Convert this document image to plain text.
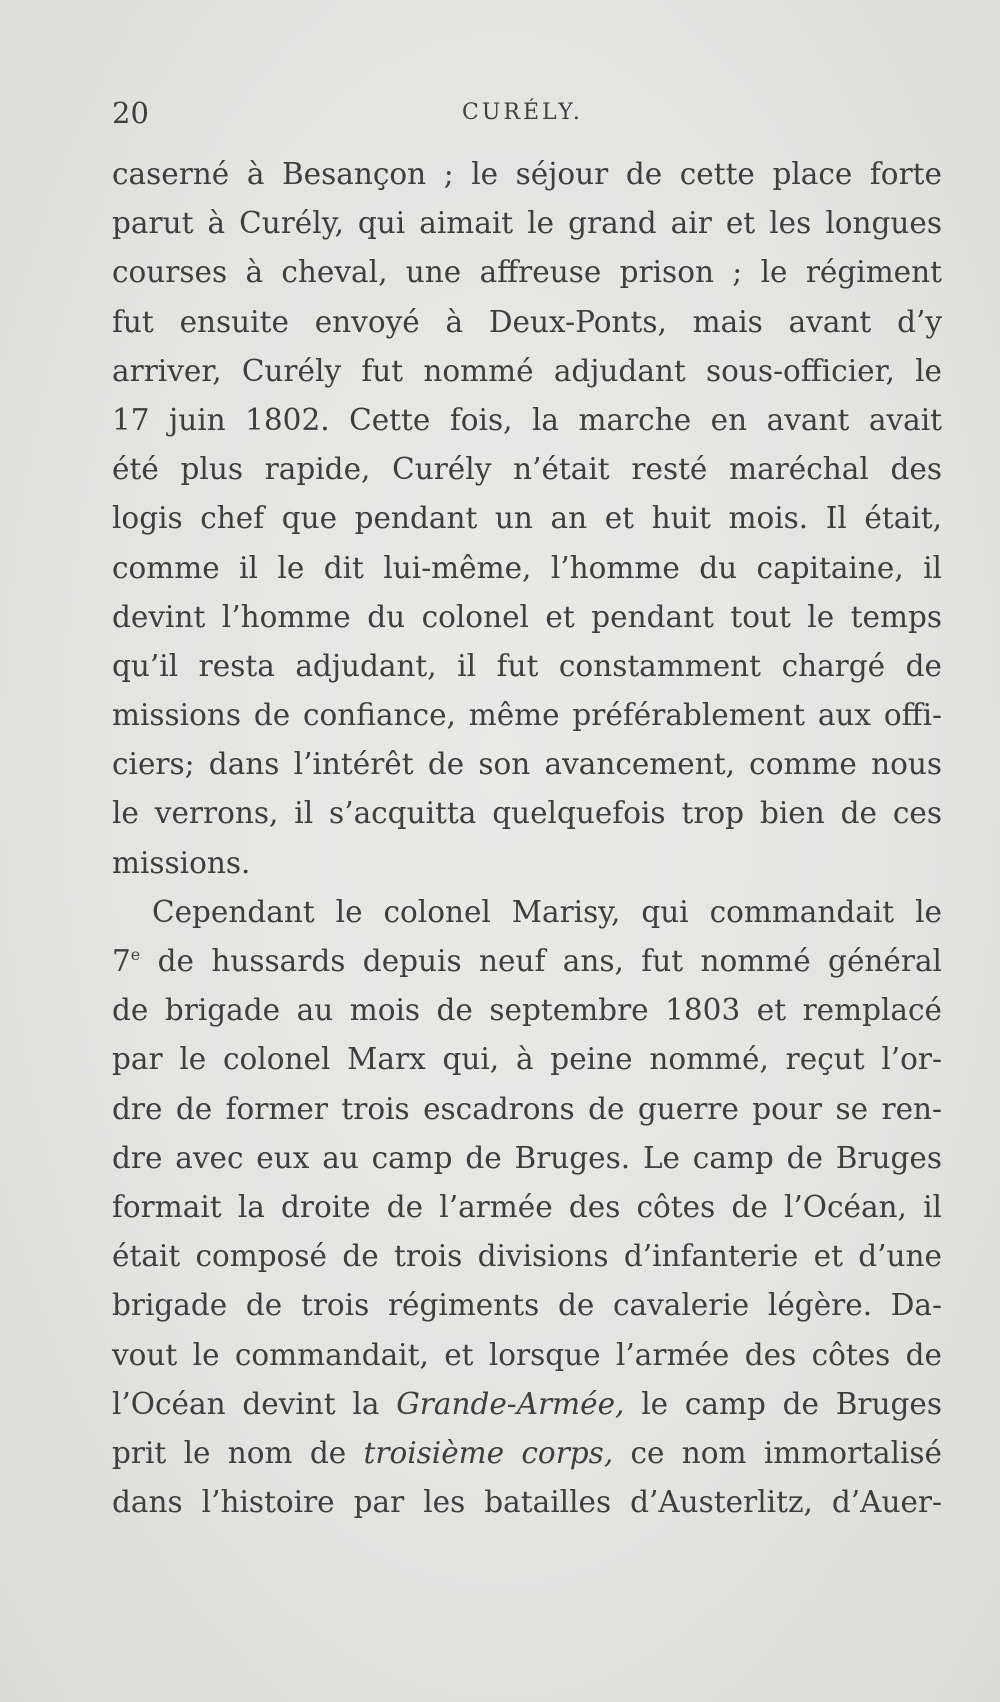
20	CURÉLY.
caserné à Besançon ; le séjour de cette place forte
parut à Curély, qui aimait le grand air et les longues
courses à cheval, une affreuse prison ; le régiment
fut ensuite envoyé à Deux-Ponts, mais avant d’y
arriver, Curély fut nommé adjudant sous-officier, le
17 juin 1802. Cette fois, la marche en avant avait
été plus rapide, Curély n’était resté maréchal des
logis chef que pendant un an et huit mois. Il était,
comme il le dit lui-même, l’homme du capitaine, il
devint l’homme du colonel et pendant tout le temps
qu’il resta adjudant, il fut constamment chargé de
missions de confiance, même préférablement aux offi-
ciers; dans l’intérêt de son avancement, comme nous
le verrons, il s’acquitta quelquefois trop bien de ces
missions.
Cependant le colonel Marisy, qui commandait le
7e de hussards depuis neuf ans, fut nommé général
de brigade au mois de septembre 1803 et remplacé
par le colonel Marx qui, à peine nommé, reçut l’or-
dre de former trois escadrons de guerre pour se ren-
dre avec eux au camp de Bruges. Le camp de Bruges
formait la droite de l’armée des côtes de l’Océan, il
était composé de trois divisions d’infanterie et d’une
brigade de trois régiments de cavalerie légère. Da-
vout le commandait, et lorsque l’armée des côtes de
l’Océan devint la Grande-Armée, le camp de Bruges
prit le nom de troisième corps, ce nom immortalisé
dans l’histoire par les batailles d’Austerlitz, d’Auer-
